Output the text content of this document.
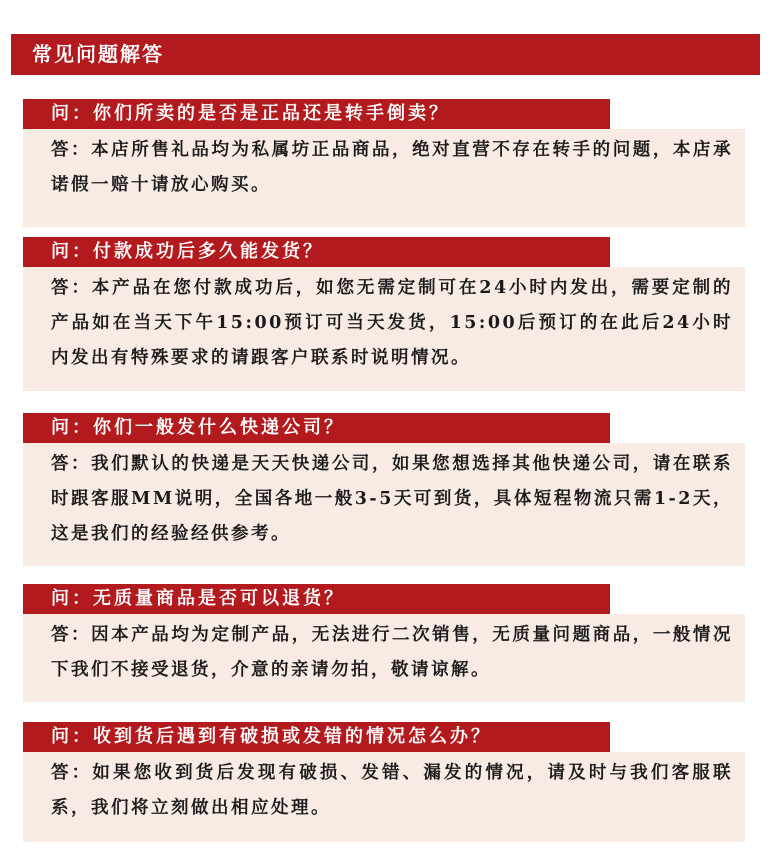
常见问题解答
问：你们所卖的是否是正品还是转手倒卖？
答：本店所售礼品均为私属坊正品商品，绝对直营不存在转手的问题，本店承诺假一赔十请放心购买。
问：付款成功后多久能发货？
答：本产品在您付款成功后，如您无需定制可在24小时内发出，需要定制的产品如在当天下午15:00预订可当天发货，15:00后预订的在此后24小时内发出有特殊要求的请跟客户联系时说明情况。
问：你们一般发什么快递公司？
答：我们默认的快递是天天快递公司，如果您想选择其他快递公司，请在联系时跟客服MM说明，全国各地一般3-5天可到货，具体短程物流只需1-2天，这是我们的经验经供参考。
问：无质量商品是否可以退货？
答：因本产品均为定制产品，无法进行二次销售，无质量问题商品，一般情况下我们不接受退货，介意的亲请勿拍，敬请谅解。
问：收到货后遇到有破损或发错的情况怎么办？
答：如果您收到货后发现有破损、发错、漏发的情况，请及时与我们客服联系，我们将立刻做出相应处理。
